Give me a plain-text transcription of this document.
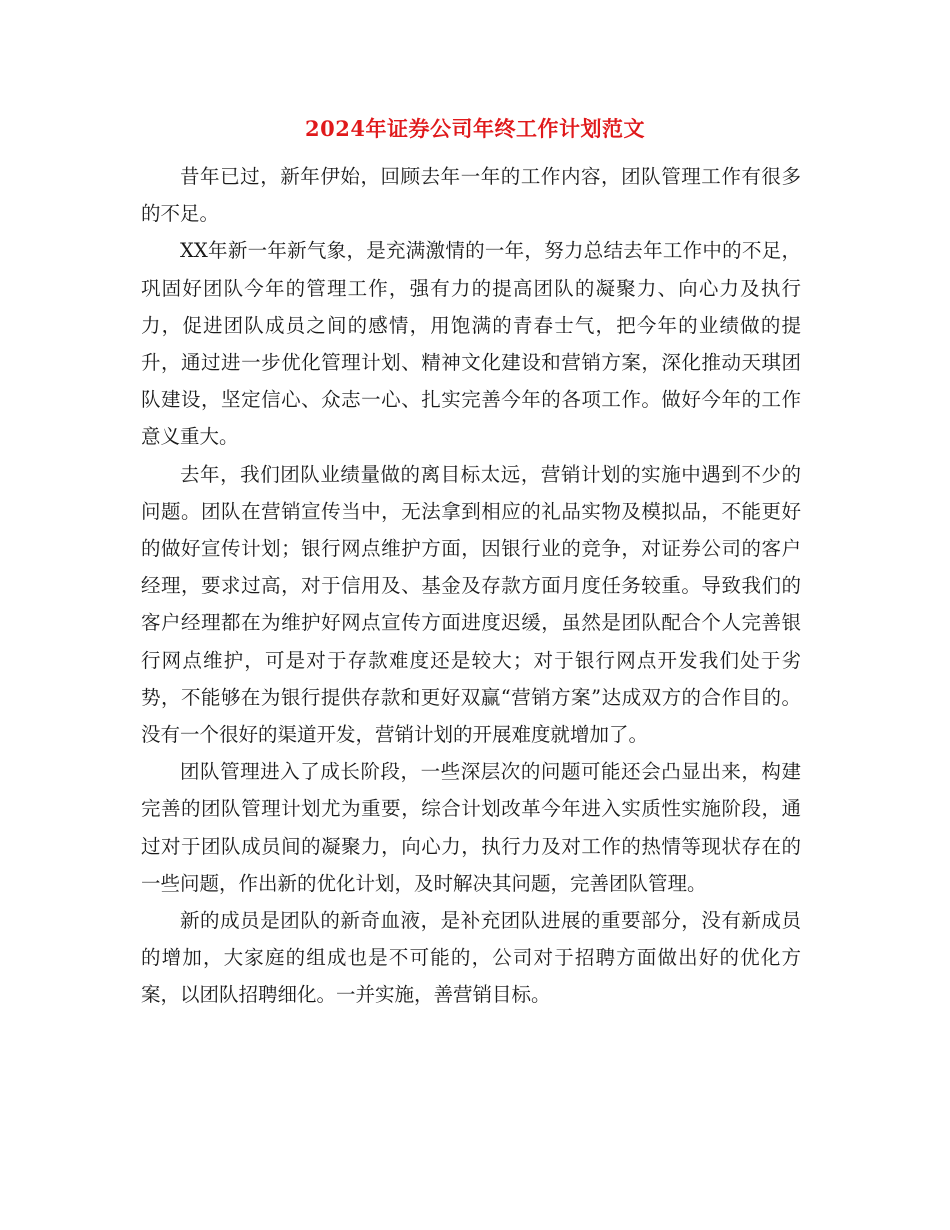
2024年证券公司年终工作计划范文

昔年已过，新年伊始，回顾去年一年的工作内容，团队管理工作有很多的不足。

XX年新一年新气象，是充满激情的一年，努力总结去年工作中的不足，巩固好团队今年的管理工作，强有力的提高团队的凝聚力、向心力及执行力，促进团队成员之间的感情，用饱满的青春士气，把今年的业绩做的提升，通过进一步优化管理计划、精神文化建设和营销方案，深化推动天琪团队建设，坚定信心、众志一心、扎实完善今年的各项工作。做好今年的工作意义重大。

去年，我们团队业绩量做的离目标太远，营销计划的实施中遇到不少的问题。团队在营销宣传当中，无法拿到相应的礼品实物及模拟品，不能更好的做好宣传计划；银行网点维护方面，因银行业的竞争，对证券公司的客户经理，要求过高，对于信用及、基金及存款方面月度任务较重。导致我们的客户经理都在为维护好网点宣传方面进度迟缓，虽然是团队配合个人完善银行网点维护，可是对于存款难度还是较大；对于银行网点开发我们处于劣势，不能够在为银行提供存款和更好双赢“营销方案”达成双方的合作目的。没有一个很好的渠道开发，营销计划的开展难度就增加了。

团队管理进入了成长阶段，一些深层次的问题可能还会凸显出来，构建完善的团队管理计划尤为重要，综合计划改革今年进入实质性实施阶段，通过对于团队成员间的凝聚力，向心力，执行力及对工作的热情等现状存在的一些问题，作出新的优化计划，及时解决其问题，完善团队管理。

新的成员是团队的新奇血液，是补充团队进展的重要部分，没有新成员的增加，大家庭的组成也是不可能的，公司对于招聘方面做出好的优化方案，以团队招聘细化。一并实施，善营销目标。
